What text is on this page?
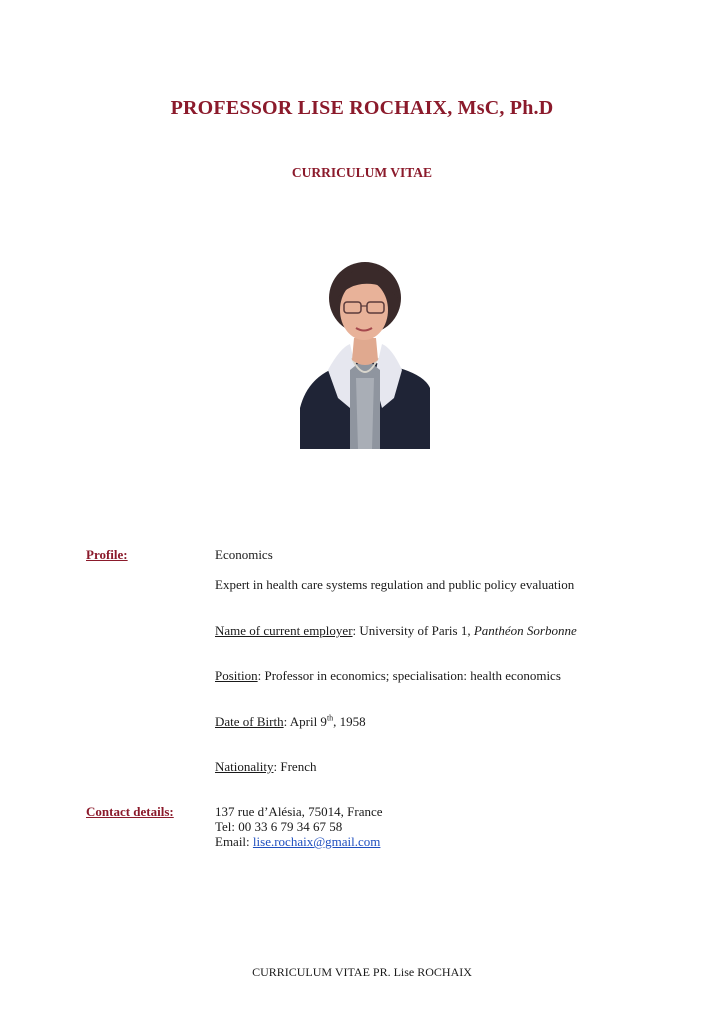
PROFESSOR LISE ROCHAIX, MsC, Ph.D
CURRICULUM VITAE
Profile:	Economics
Expert in health care systems regulation and public policy evaluation
Name of current employer: University of Paris 1, Panthéon Sorbonne
Position: Professor in economics; specialisation: health economics
Date of Birth: April 9th, 1958
Nationality: French
Contact details:	137 rue d’Alésia, 75014, France
Tel: 00 33 6 79 34 67 58
Email: lise.rochaix@gmail.com
CURRICULUM VITAE PR. Lise ROCHAIX
